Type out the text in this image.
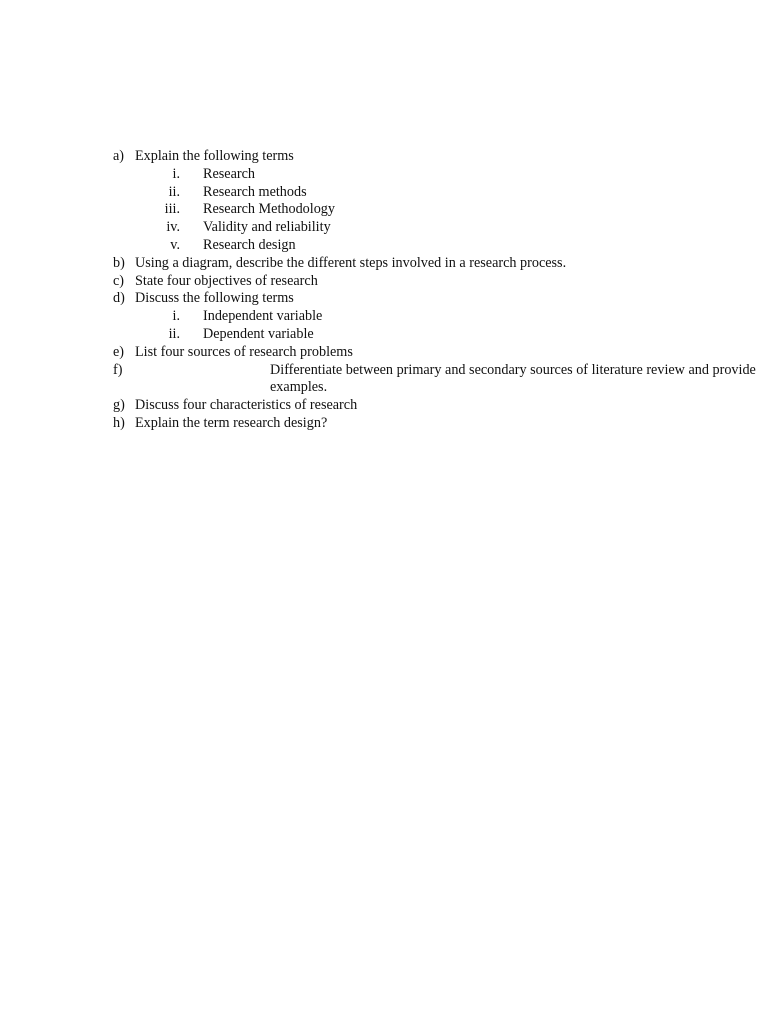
a) Explain the following terms
i. Research
ii. Research methods
iii. Research Methodology
iv. Validity and reliability
v. Research design
b) Using a diagram, describe the different steps involved in a research process.
c) State four objectives of research
d) Discuss the following terms
i. Independent variable
ii. Dependent variable
e) List four sources of research problems
f)	Differentiate between primary and secondary sources of literature review and provide examples.
g) Discuss four characteristics of research
h) Explain the term research design?
